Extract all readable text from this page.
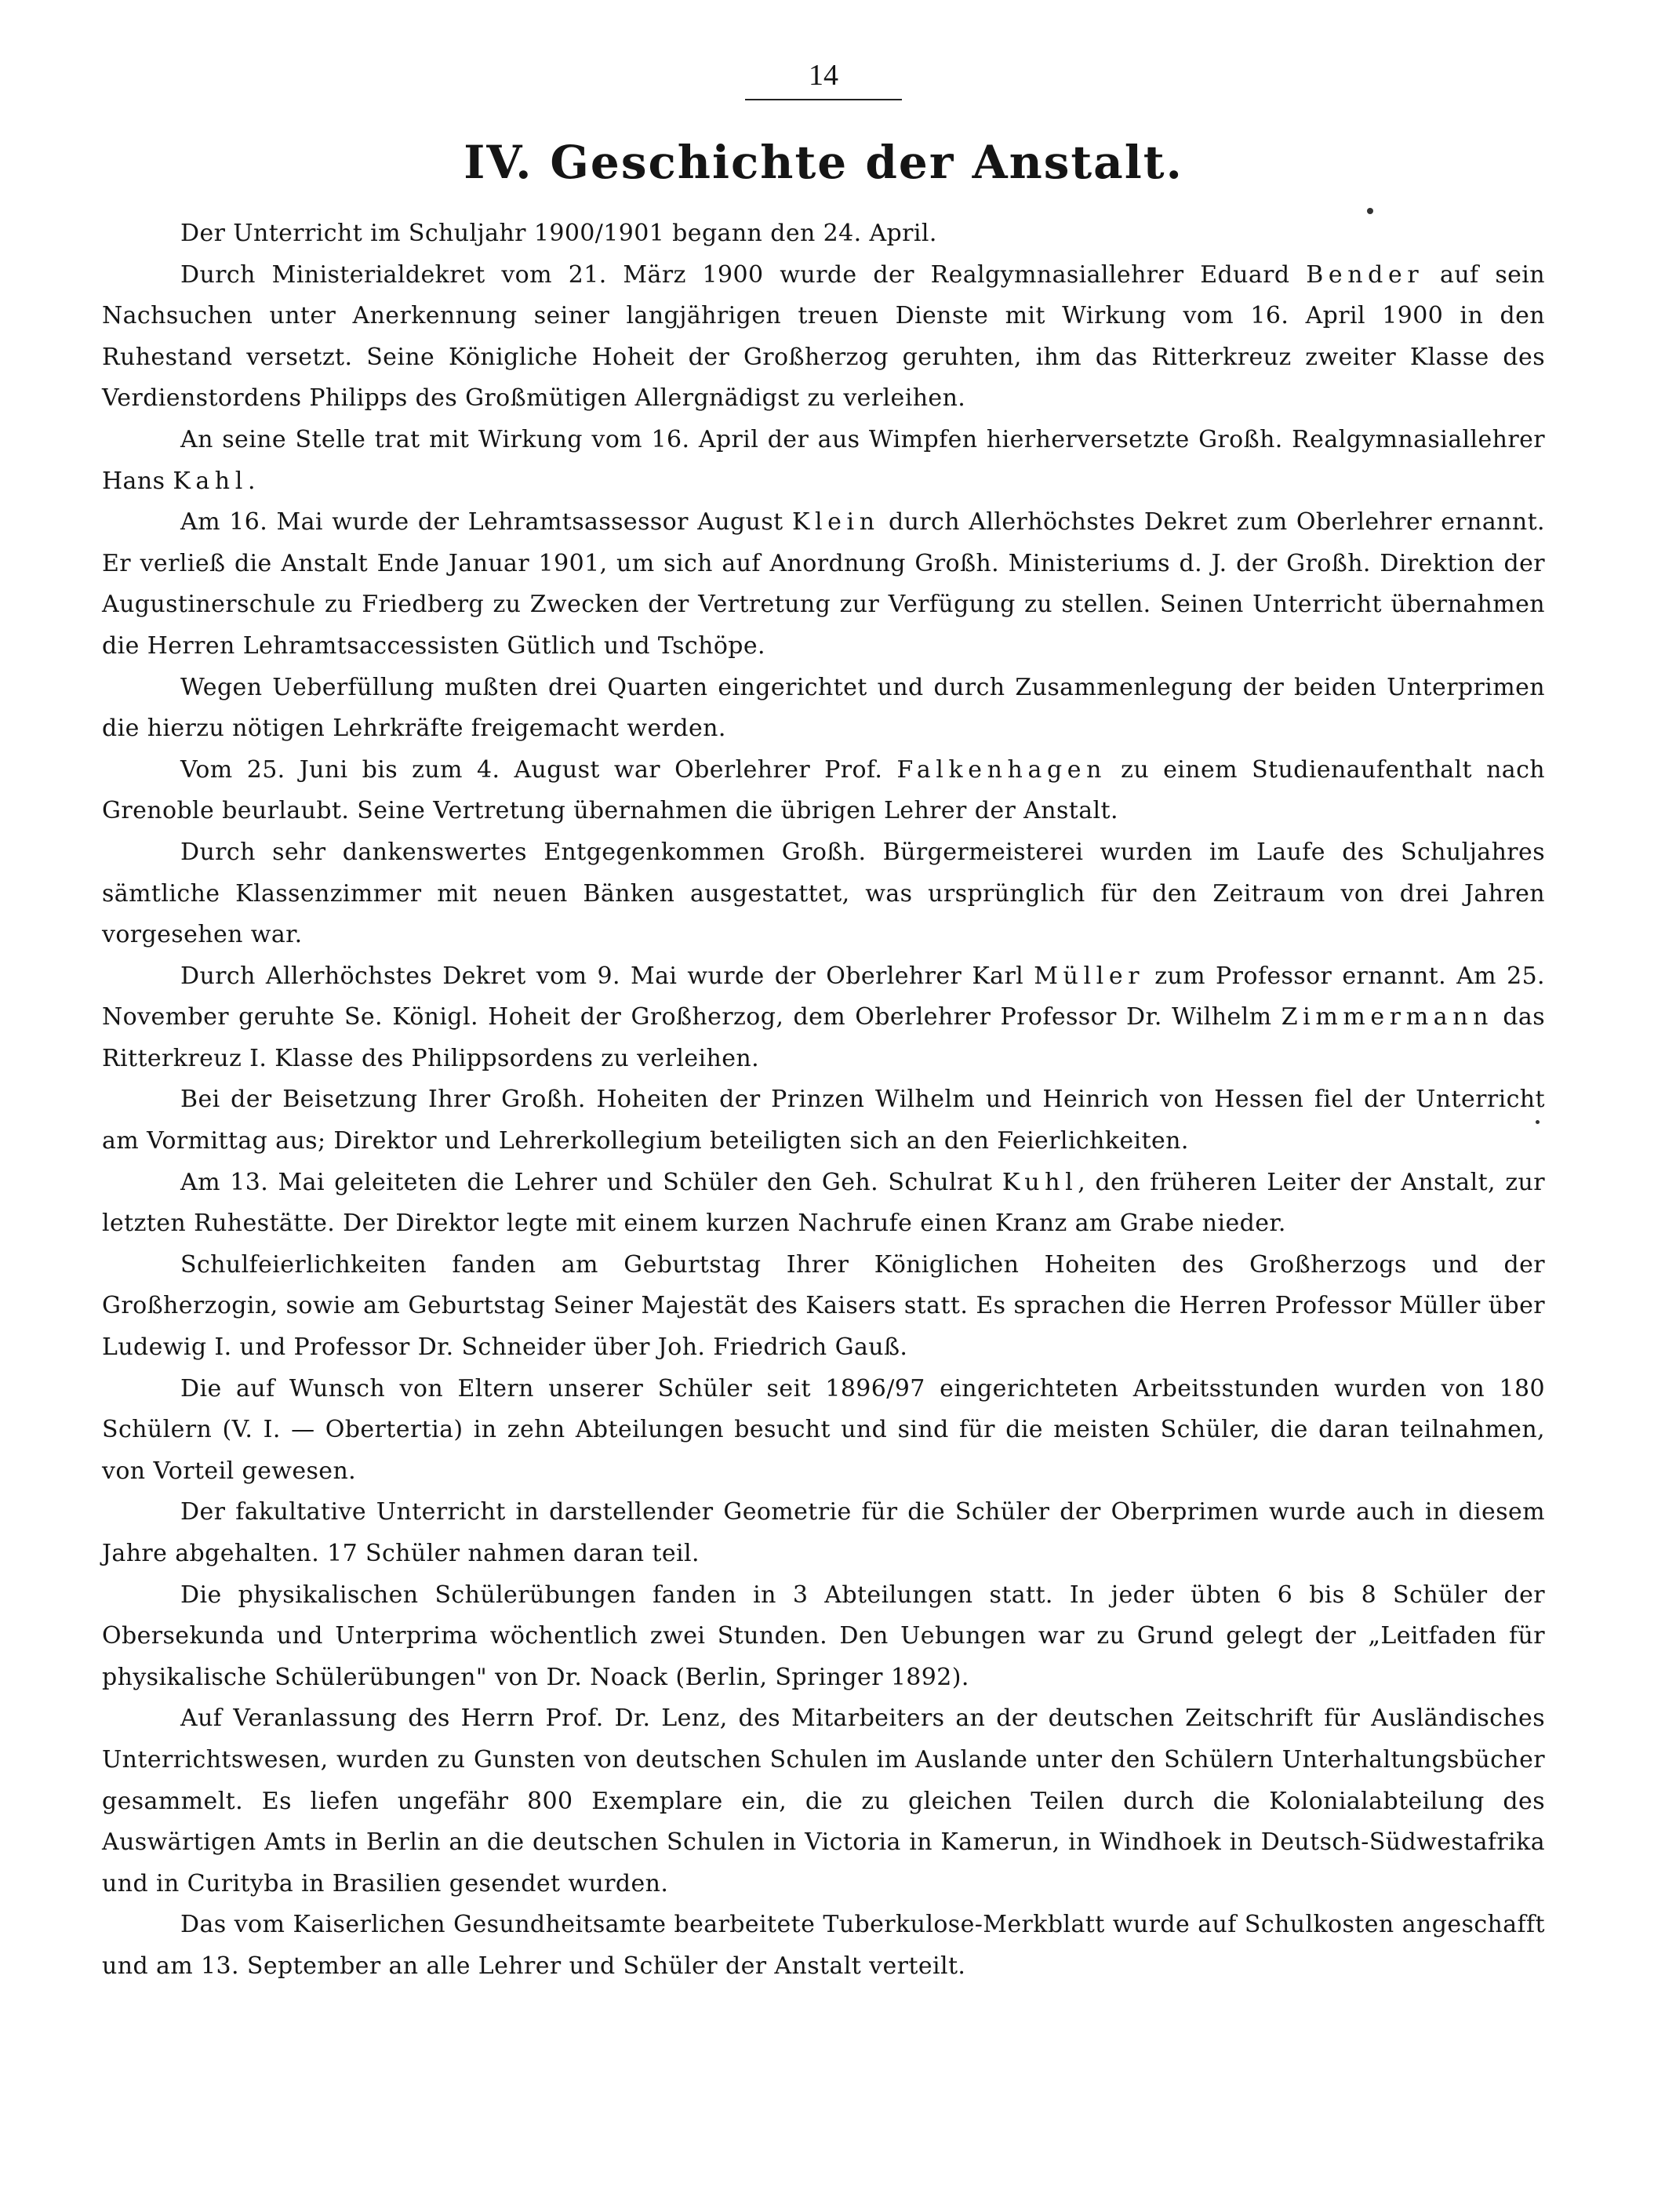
14
IV. Geschichte der Anstalt.

Der Unterricht im Schuljahr 1900/1901 begann den 24. April.

Durch Ministerialdekret vom 21. März 1900 wurde der Realgymnasiallehrer Eduard Bender auf sein Nachsuchen unter Anerkennung seiner langjährigen treuen Dienste mit Wirkung vom 16. April 1900 in den Ruhestand versetzt. Seine Königliche Hoheit der Großherzog geruhten, ihm das Ritterkreuz zweiter Klasse des Verdienstordens Philipps des Großmütigen Allergnädigst zu verleihen.

An seine Stelle trat mit Wirkung vom 16. April der aus Wimpfen hierherversetzte Großh. Realgymnasiallehrer Hans Kahl.

Am 16. Mai wurde der Lehramtsassessor August Klein durch Allerhöchstes Dekret zum Oberlehrer ernannt. Er verließ die Anstalt Ende Januar 1901, um sich auf Anordnung Großh. Ministeriums d. J. der Großh. Direktion der Augustinerschule zu Friedberg zu Zwecken der Vertretung zur Verfügung zu stellen. Seinen Unterricht übernahmen die Herren Lehramtsaccessisten Gütlich und Tschöpe.

Wegen Ueberfüllung mußten drei Quarten eingerichtet und durch Zusammenlegung der beiden Unterprimen die hierzu nötigen Lehrkräfte freigemacht werden.

Vom 25. Juni bis zum 4. August war Oberlehrer Prof. Falkenhagen zu einem Studienaufenthalt nach Grenoble beurlaubt. Seine Vertretung übernahmen die übrigen Lehrer der Anstalt.

Durch sehr dankenswertes Entgegenkommen Großh. Bürgermeisterei wurden im Laufe des Schuljahres sämtliche Klassenzimmer mit neuen Bänken ausgestattet, was ursprünglich für den Zeitraum von drei Jahren vorgesehen war.

Durch Allerhöchstes Dekret vom 9. Mai wurde der Oberlehrer Karl Müller zum Professor ernannt. Am 25. November geruhte Se. Königl. Hoheit der Großherzog, dem Oberlehrer Professor Dr. Wilhelm Zimmermann das Ritterkreuz I. Klasse des Philippsordens zu verleihen.

Bei der Beisetzung Ihrer Großh. Hoheiten der Prinzen Wilhelm und Heinrich von Hessen fiel der Unterricht am Vormittag aus; Direktor und Lehrerkollegium beteiligten sich an den Feierlichkeiten.

Am 13. Mai geleiteten die Lehrer und Schüler den Geh. Schulrat Kuhl, den früheren Leiter der Anstalt, zur letzten Ruhestätte. Der Direktor legte mit einem kurzen Nachrufe einen Kranz am Grabe nieder.

Schulfeierlichkeiten fanden am Geburtstag Ihrer Königlichen Hoheiten des Großherzogs und der Großherzogin, sowie am Geburtstag Seiner Majestät des Kaisers statt. Es sprachen die Herren Professor Müller über Ludewig I. und Professor Dr. Schneider über Joh. Friedrich Gauß.

Die auf Wunsch von Eltern unserer Schüler seit 1896/97 eingerichteten Arbeitsstunden wurden von 180 Schülern (V. I. — Obertertia) in zehn Abteilungen besucht und sind für die meisten Schüler, die daran teilnahmen, von Vorteil gewesen.

Der fakultative Unterricht in darstellender Geometrie für die Schüler der Oberprimen wurde auch in diesem Jahre abgehalten. 17 Schüler nahmen daran teil.

Die physikalischen Schülerübungen fanden in 3 Abteilungen statt. In jeder übten 6 bis 8 Schüler der Obersekunda und Unterprima wöchentlich zwei Stunden. Den Uebungen war zu Grund gelegt der „Leitfaden für physikalische Schülerübungen" von Dr. Noack (Berlin, Springer 1892).

Auf Veranlassung des Herrn Prof. Dr. Lenz, des Mitarbeiters an der deutschen Zeitschrift für Ausländisches Unterrichtswesen, wurden zu Gunsten von deutschen Schulen im Auslande unter den Schülern Unterhaltungsbücher gesammelt. Es liefen ungefähr 800 Exemplare ein, die zu gleichen Teilen durch die Kolonialabteilung des Auswärtigen Amts in Berlin an die deutschen Schulen in Victoria in Kamerun, in Windhoek in Deutsch-Südwestafrika und in Curityba in Brasilien gesendet wurden.

Das vom Kaiserlichen Gesundheitsamte bearbeitete Tuberkulose-Merkblatt wurde auf Schulkosten angeschafft und am 13. September an alle Lehrer und Schüler der Anstalt verteilt.
